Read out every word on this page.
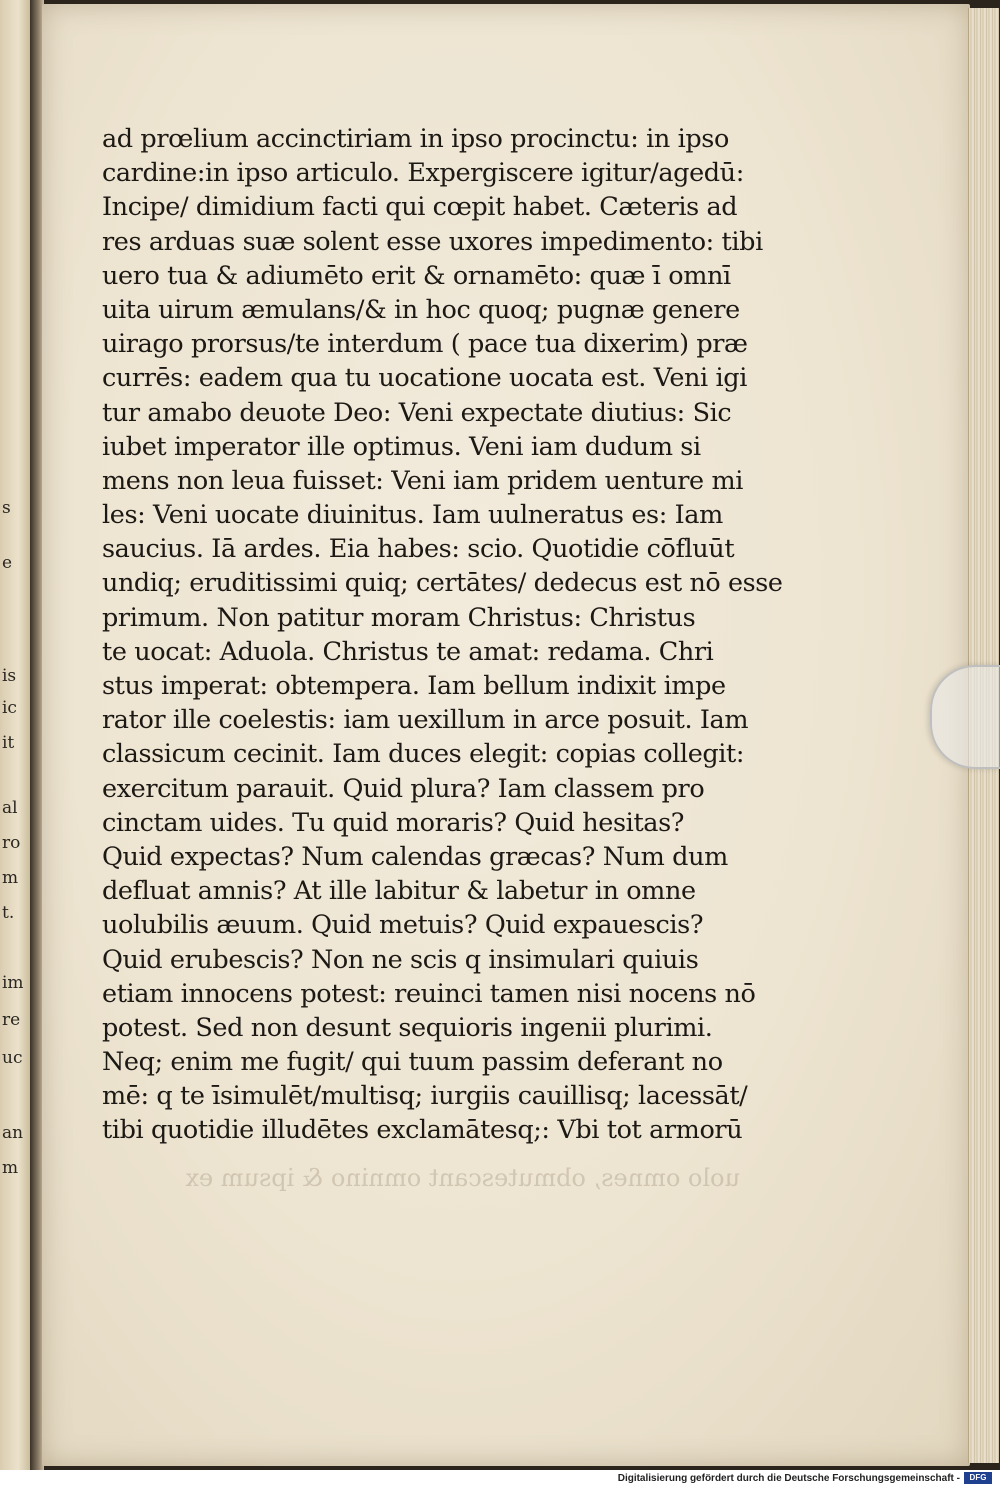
s
e
is
ic
it
al
ro
m
t.
im
re
uc
an
m
ad prœlium accinctiriam in ipso procinctu: in ipso
cardine:in ipso articulo. Expergiscere igitur/agedū:
Incipe/ dimidium facti qui cœpit habet. Cæteris ad
res arduas suæ solent esse uxores impedimento: tibi
uero tua & adiumēto erit & ornamēto: quæ ī omnī
uita uirum æmulans/& in hoc quoq; pugnæ genere
uirago prorsus/te interdum ( pace tua dixerim) præ
currēs: eadem qua tu uocatione uocata est. Veni igi
tur amabo deuote Deo: Veni expectate diutius: Sic
iubet imperator ille optimus. Veni iam dudum si
mens non leua fuisset: Veni iam pridem uenture mi
les: Veni uocate diuinitus. Iam uulneratus es: Iam
saucius. Iā ardes. Eia habes: scio. Quotidie cōfluūt
undiq; eruditissimi quiq; certātes/ dedecus est nō esse
primum. Non patitur moram Christus: Christus
te uocat: Aduola. Christus te amat: redama. Chri
stus imperat: obtempera. Iam bellum indixit impe
rator ille coelestis: iam uexillum in arce posuit. Iam
classicum cecinit. Iam duces elegit: copias collegit:
exercitum parauit. Quid plura? Iam classem pro
cinctam uides. Tu quid moraris? Quid hesitas?
Quid expectas? Num calendas græcas? Num dum
defluat amnis? At ille labitur & labetur in omne
uolubilis æuum. Quid metuis? Quid expauescis?
Quid erubescis? Non ne scis q insimulari quiuis
etiam innocens potest: reuinci tamen nisi nocens nō
potest. Sed non desunt sequioris ingenii plurimi.
Neq; enim me fugit/ qui tuum passim deferant no
mē: q te īsimulēt/multisq; iurgiis cauillisq; lacessāt/
tibi quotidie illudētes exclamātesq;: Vbi tot armorū
uolo omnes, obmutescant omnino & ipsum ex
Digitalisierung gefördert durch die Deutsche Forschungsgemeinschaft -	DFG
